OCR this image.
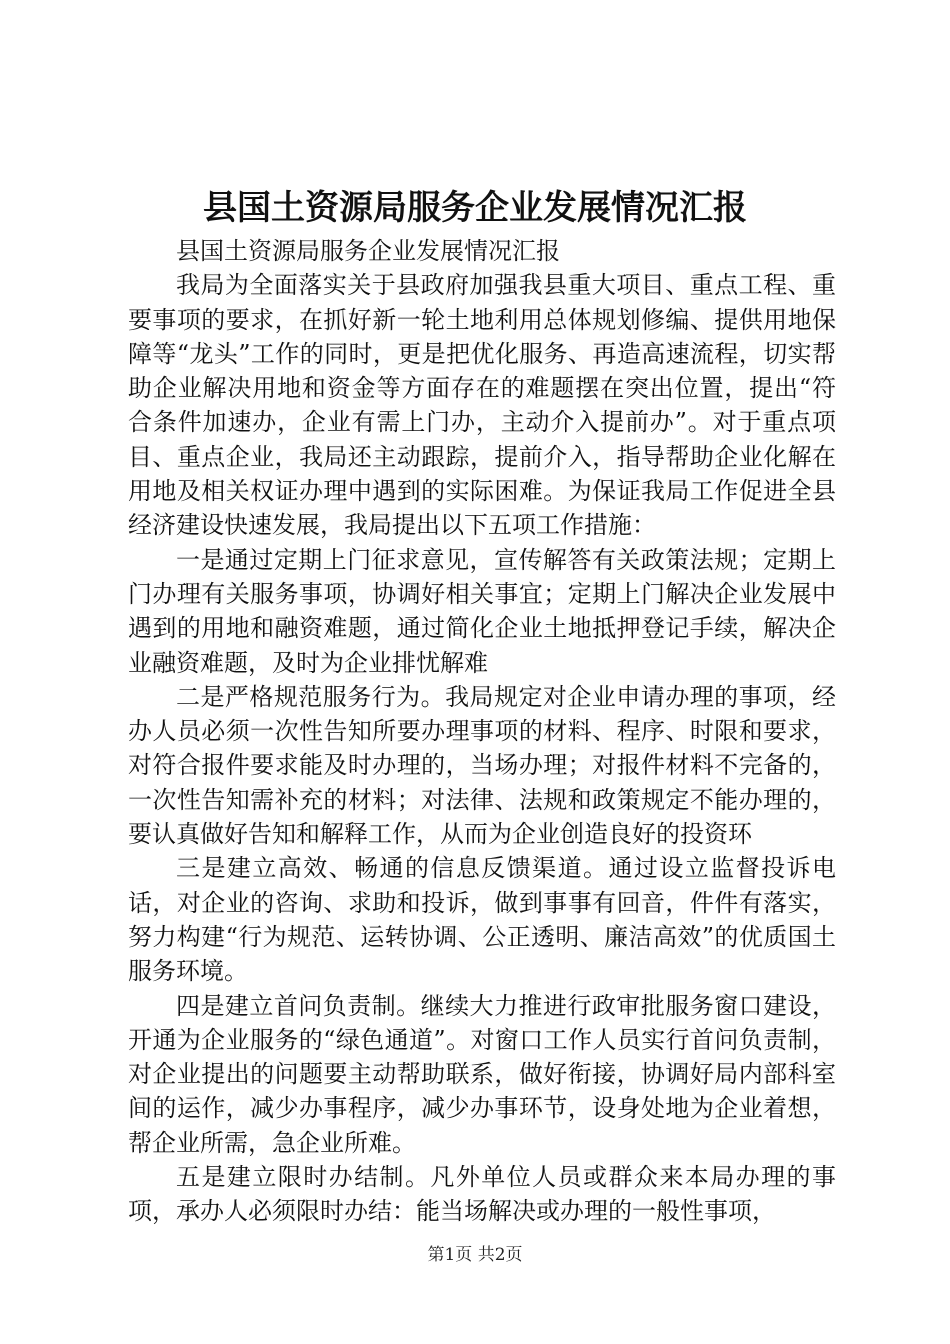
县国土资源局服务企业发展情况汇报

县国土资源局服务企业发展情况汇报

我局为全面落实关于县政府加强我县重大项目、重点工程、重要事项的要求，在抓好新一轮土地利用总体规划修编、提供用地保障等“龙头”工作的同时，更是把优化服务、再造高速流程，切实帮助企业解决用地和资金等方面存在的难题摆在突出位置，提出“符合条件加速办，企业有需上门办，主动介入提前办”。对于重点项目、重点企业，我局还主动跟踪，提前介入，指导帮助企业化解在用地及相关权证办理中遇到的实际困难。为保证我局工作促进全县经济建设快速发展，我局提出以下五项工作措施：

一是通过定期上门征求意见，宣传解答有关政策法规；定期上门办理有关服务事项，协调好相关事宜；定期上门解决企业发展中遇到的用地和融资难题，通过简化企业土地抵押登记手续，解决企业融资难题，及时为企业排忧解难

二是严格规范服务行为。我局规定对企业申请办理的事项，经办人员必须一次性告知所要办理事项的材料、程序、时限和要求，对符合报件要求能及时办理的，当场办理；对报件材料不完备的，一次性告知需补充的材料；对法律、法规和政策规定不能办理的，要认真做好告知和解释工作，从而为企业创造良好的投资环

三是建立高效、畅通的信息反馈渠道。通过设立监督投诉电话，对企业的咨询、求助和投诉，做到事事有回音，件件有落实，努力构建“行为规范、运转协调、公正透明、廉洁高效”的优质国土服务环境。

四是建立首问负责制。继续大力推进行政审批服务窗口建设，开通为企业服务的“绿色通道”。对窗口工作人员实行首问负责制，对企业提出的问题要主动帮助联系，做好衔接，协调好局内部科室间的运作，减少办事程序，减少办事环节，设身处地为企业着想，帮企业所需，急企业所难。

五是建立限时办结制。凡外单位人员或群众来本局办理的事项，承办人必须限时办结：能当场解决或办理的一般性事项，

第1页 共2页
